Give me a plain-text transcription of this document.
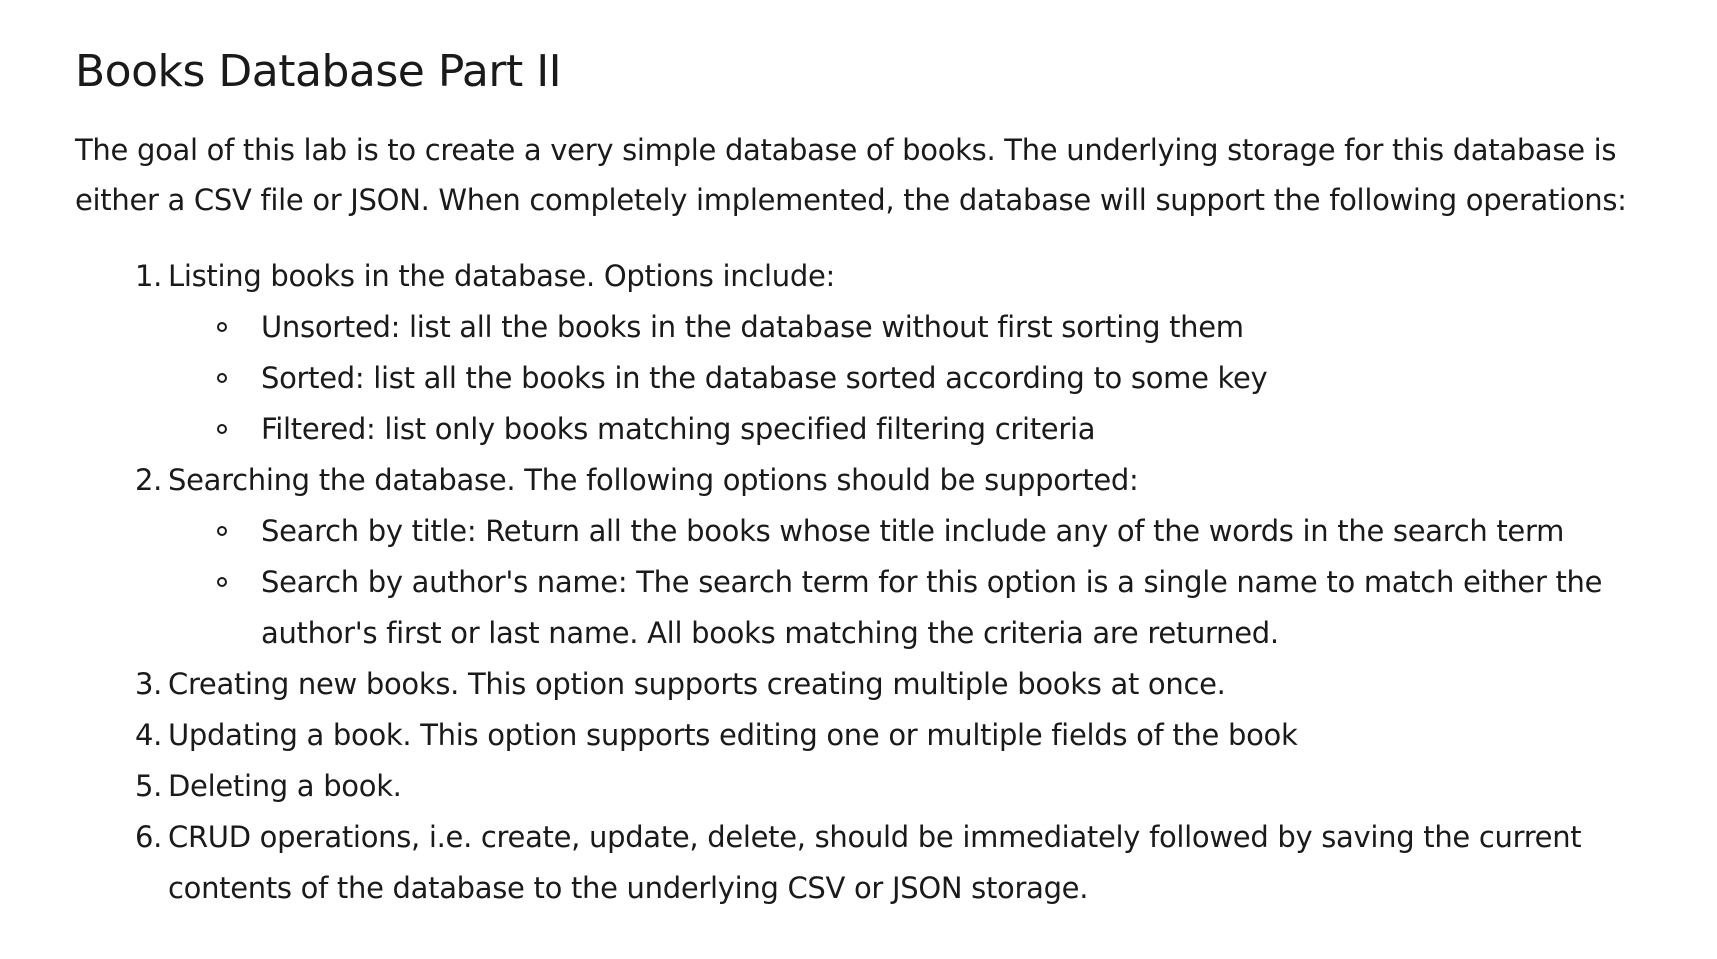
Books Database Part II

The goal of this lab is to create a very simple database of books. The underlying storage for this database is either a CSV file or JSON. When completely implemented, the database will support the following operations:

1. Listing books in the database. Options include:
Unsorted: list all the books in the database without first sorting them
Sorted: list all the books in the database sorted according to some key
Filtered: list only books matching specified filtering criteria
2. Searching the database. The following options should be supported:
Search by title: Return all the books whose title include any of the words in the search term
Search by author's name: The search term for this option is a single name to match either the author's first or last name. All books matching the criteria are returned.
3. Creating new books. This option supports creating multiple books at once.
4. Updating a book. This option supports editing one or multiple fields of the book
5. Deleting a book.
6. CRUD operations, i.e. create, update, delete, should be immediately followed by saving the current contents of the database to the underlying CSV or JSON storage.
